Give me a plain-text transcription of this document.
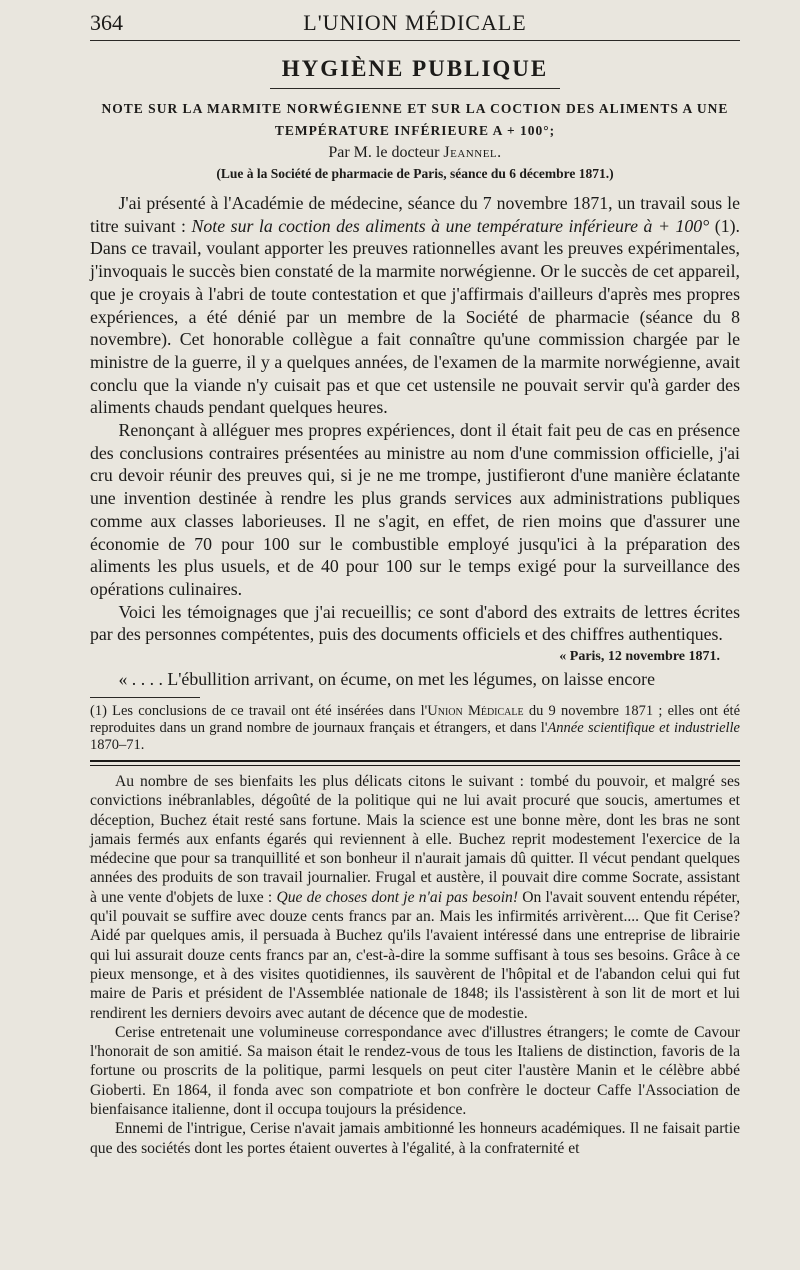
364	L'UNION MÉDICALE
HYGIÈNE PUBLIQUE
NOTE SUR LA MARMITE NORWÉGIENNE ET SUR LA COCTION DES ALIMENTS A UNE
TEMPÉRATURE INFÉRIEURE A + 100°;
Par M. le docteur Jeannel.
(Lue à la Société de pharmacie de Paris, séance du 6 décembre 1871.)

J'ai présenté à l'Académie de médecine, séance du 7 novembre 1871, un travail sous le titre suivant : Note sur la coction des aliments à une température inférieure à + 100° (1). Dans ce travail, voulant apporter les preuves rationnelles avant les preuves expérimentales, j'invoquais le succès bien constaté de la marmite norwégienne. Or le succès de cet appareil, que je croyais à l'abri de toute contestation et que j'affirmais d'ailleurs d'après mes propres expériences, a été dénié par un membre de la Société de pharmacie (séance du 8 novembre). Cet honorable collègue a fait connaître qu'une commission chargée par le ministre de la guerre, il y a quelques années, de l'examen de la marmite norwégienne, avait conclu que la viande n'y cuisait pas et que cet ustensile ne pouvait servir qu'à garder des aliments chauds pendant quelques heures.

Renonçant à alléguer mes propres expériences, dont il était fait peu de cas en présence des conclusions contraires présentées au ministre au nom d'une commission officielle, j'ai cru devoir réunir des preuves qui, si je ne me trompe, justifieront d'une manière éclatante une invention destinée à rendre les plus grands services aux administrations publiques comme aux classes laborieuses. Il ne s'agit, en effet, de rien moins que d'assurer une économie de 70 pour 100 sur le combustible employé jusqu'ici à la préparation des aliments les plus usuels, et de 40 pour 100 sur le temps exigé pour la surveillance des opérations culinaires.

Voici les témoignages que j'ai recueillis; ce sont d'abord des extraits de lettres écrites par des personnes compétentes, puis des documents officiels et des chiffres authentiques.

« Paris, 12 novembre 1871.

« . . . . L'ébullition arrivant, on écume, on met les légumes, on laisse encore

(1) Les conclusions de ce travail ont été insérées dans l'Union Médicale du 9 novembre 1871 ; elles ont été reproduites dans un grand nombre de journaux français et étrangers, et dans l'Année scientifique et industrielle 1870–71.

Au nombre de ses bienfaits les plus délicats citons le suivant : tombé du pouvoir, et malgré ses convictions inébranlables, dégoûté de la politique qui ne lui avait procuré que soucis, amertumes et déception, Buchez était resté sans fortune. Mais la science est une bonne mère, dont les bras ne sont jamais fermés aux enfants égarés qui reviennent à elle. Buchez reprit modestement l'exercice de la médecine que pour sa tranquillité et son bonheur il n'aurait jamais dû quitter. Il vécut pendant quelques années des produits de son travail journalier. Frugal et austère, il pouvait dire comme Socrate, assistant à une vente d'objets de luxe : Que de choses dont je n'ai pas besoin! On l'avait souvent entendu répéter, qu'il pouvait se suffire avec douze cents francs par an. Mais les infirmités arrivèrent.... Que fit Cerise? Aidé par quelques amis, il persuada à Buchez qu'ils l'avaient intéressé dans une entreprise de librairie qui lui assurait douze cents francs par an, c'est-à-dire la somme suffisant à tous ses besoins. Grâce à ce pieux mensonge, et à des visites quotidiennes, ils sauvèrent de l'hôpital et de l'abandon celui qui fut maire de Paris et président de l'Assemblée nationale de 1848; ils l'assistèrent à son lit de mort et lui rendirent les derniers devoirs avec autant de décence que de modestie.

Cerise entretenait une volumineuse correspondance avec d'illustres étrangers; le comte de Cavour l'honorait de son amitié. Sa maison était le rendez-vous de tous les Italiens de distinction, favoris de la fortune ou proscrits de la politique, parmi lesquels on peut citer l'austère Manin et le célèbre abbé Gioberti. En 1864, il fonda avec son compatriote et bon confrère le docteur Caffe l'Association de bienfaisance italienne, dont il occupa toujours la présidence.

Ennemi de l'intrigue, Cerise n'avait jamais ambitionné les honneurs académiques. Il ne faisait partie que des sociétés dont les portes étaient ouvertes à l'égalité, à la confraternité et
